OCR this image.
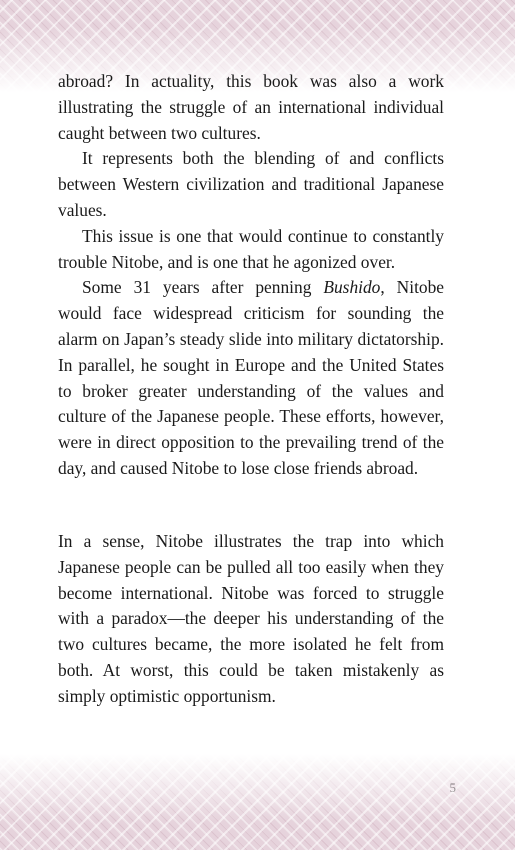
abroad? In actuality, this book was also a work illustrating the struggle of an international individual caught between two cultures.

It represents both the blending of and conflicts between Western civilization and traditional Japanese values.

This issue is one that would continue to constantly trouble Nitobe, and is one that he agonized over.

Some 31 years after penning Bushido, Nitobe would face widespread criticism for sounding the alarm on Japan’s steady slide into military dictatorship. In parallel, he sought in Europe and the United States to broker greater understanding of the values and culture of the Japanese people. These efforts, however, were in direct opposition to the prevailing trend of the day, and caused Nitobe to lose close friends abroad.

In a sense, Nitobe illustrates the trap into which Japanese people can be pulled all too easily when they become international. Nitobe was forced to struggle with a paradox—the deeper his understanding of the two cultures became, the more isolated he felt from both. At worst, this could be taken mistakenly as simply optimistic opportunism.
